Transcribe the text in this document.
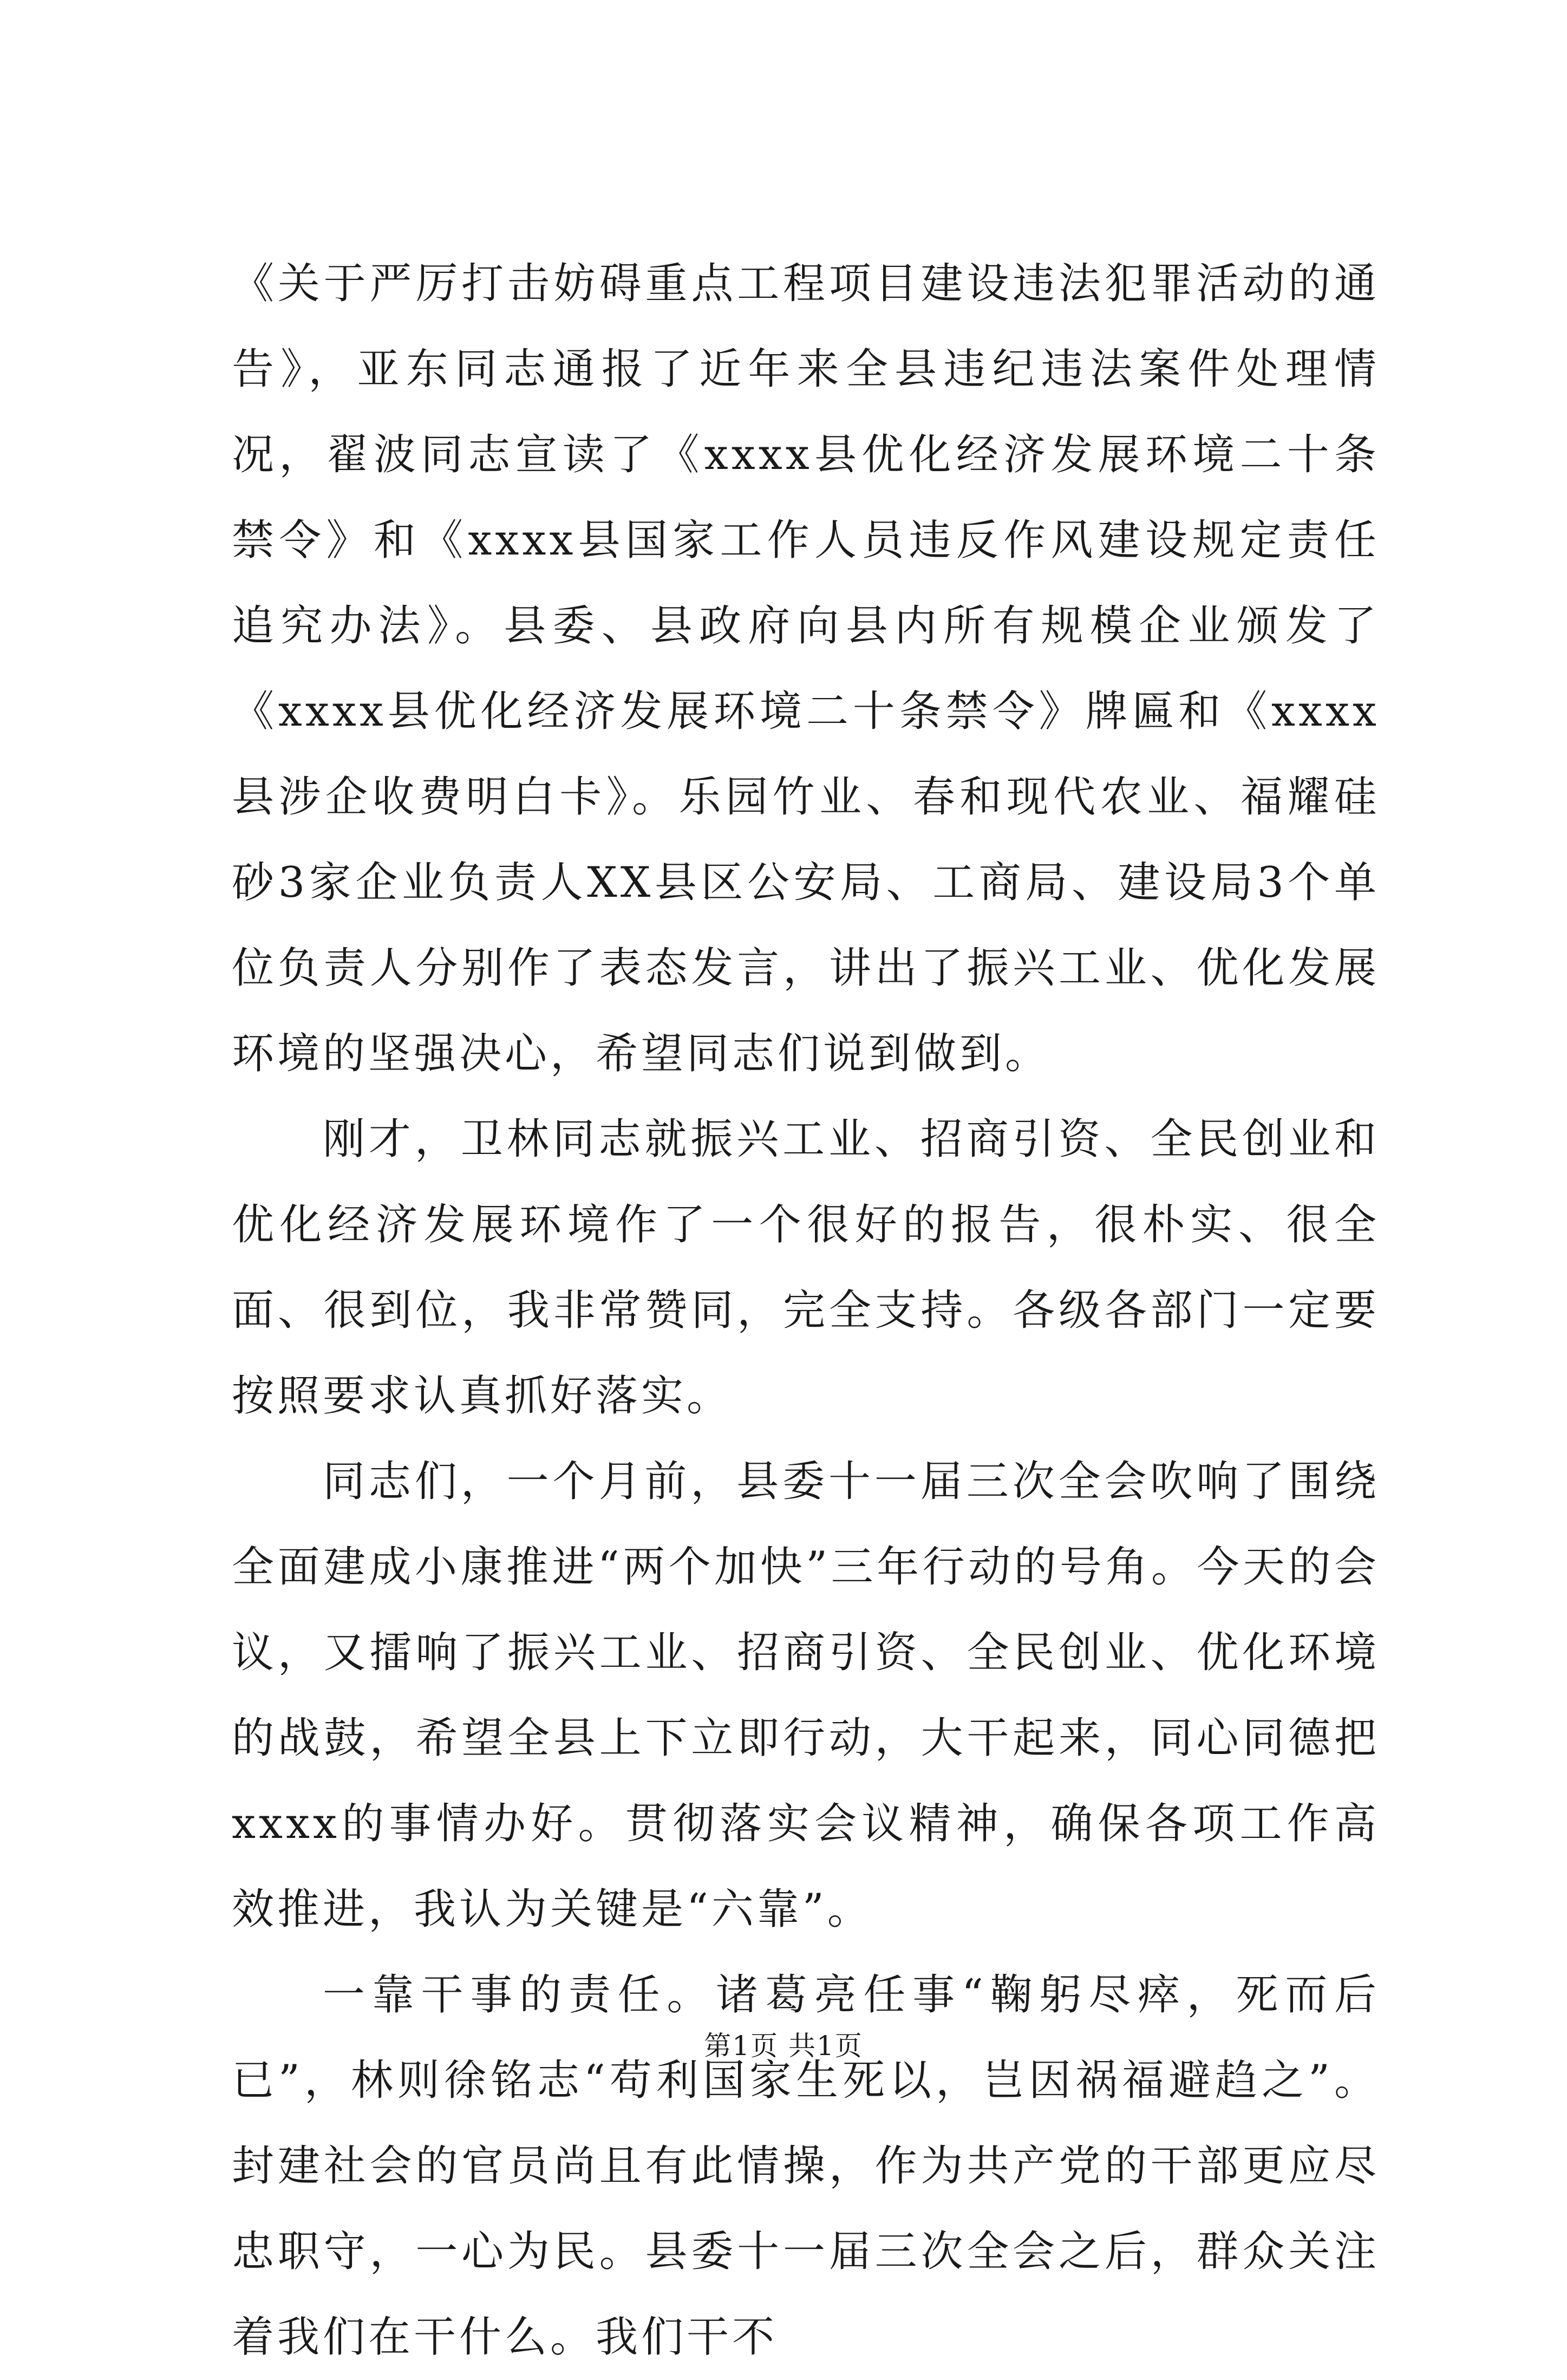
《关于严厉打击妨碍重点工程项目建设违法犯罪活动的通告》，亚东同志通报了近年来全县违纪违法案件处理情况，翟波同志宣读了《xxxx县优化经济发展环境二十条禁令》和《xxxx县国家工作人员违反作风建设规定责任追究办法》。县委、县政府向县内所有规模企业颁发了《xxxx县优化经济发展环境二十条禁令》牌匾和《xxxx县涉企收费明白卡》。乐园竹业、春和现代农业、福耀硅砂3家企业负责人XX县区公安局、工商局、建设局3个单位负责人分别作了表态发言，讲出了振兴工业、优化发展环境的坚强决心，希望同志们说到做到。

刚才，卫林同志就振兴工业、招商引资、全民创业和优化经济发展环境作了一个很好的报告，很朴实、很全面、很到位，我非常赞同，完全支持。各级各部门一定要按照要求认真抓好落实。

同志们，一个月前，县委十一届三次全会吹响了围绕全面建成小康推进“两个加快”三年行动的号角。今天的会议，又擂响了振兴工业、招商引资、全民创业、优化环境的战鼓，希望全县上下立即行动，大干起来，同心同德把xxxx的事情办好。贯彻落实会议精神，确保各项工作高效推进，我认为关键是“六靠”。

一靠干事的责任。诸葛亮任事“鞠躬尽瘁，死而后已”，林则徐铭志“苟利国家生死以，岂因祸福避趋之”。封建社会的官员尚且有此情操，作为共产党的干部更应尽忠职守，一心为民。县委十一届三次全会之后，群众关注着我们在干什么。我们干不

第1页 共1页
